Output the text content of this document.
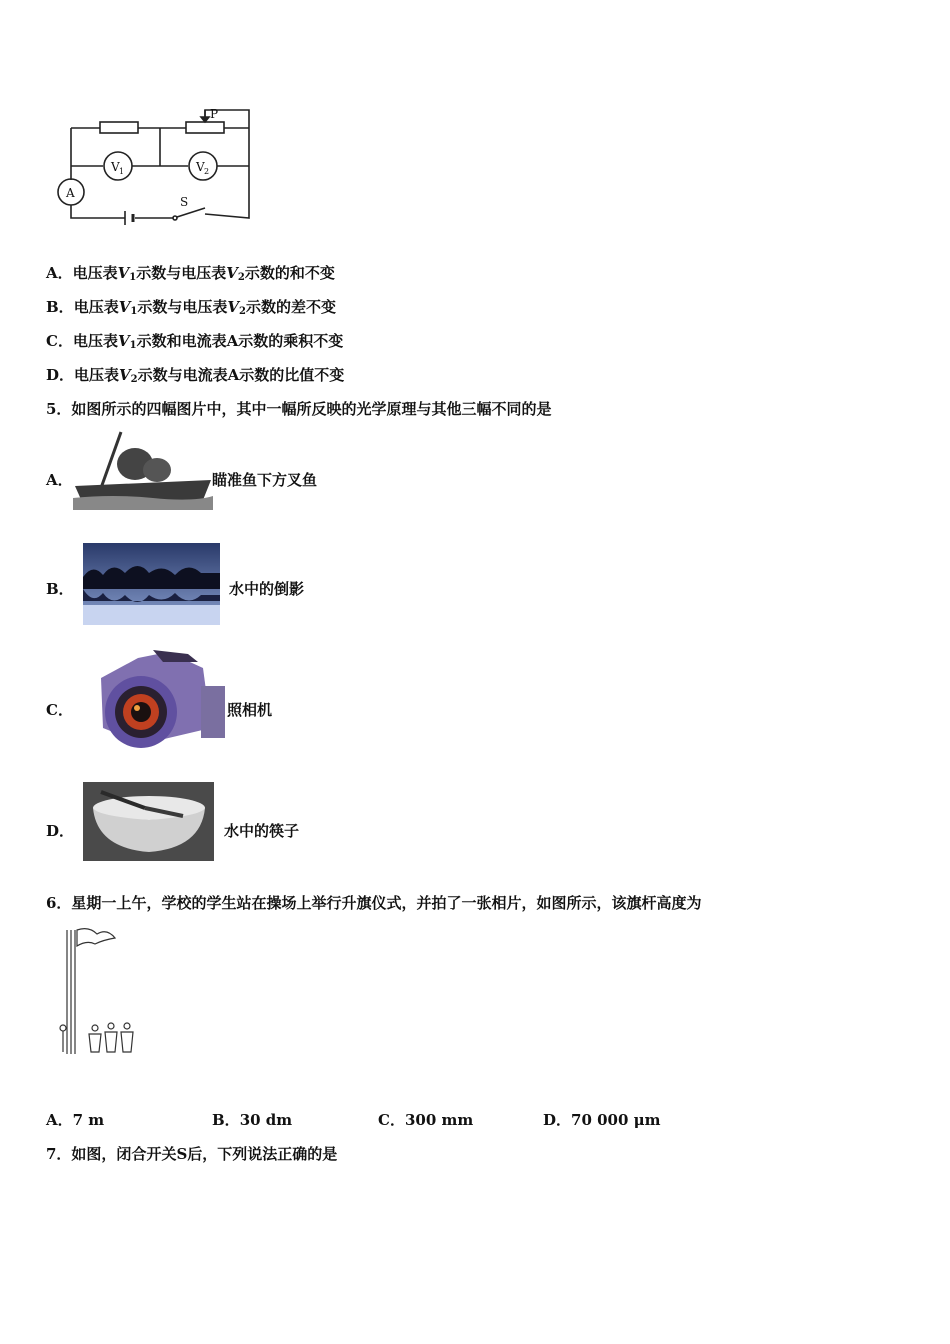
P
V 1	V 2
A
S
A．电压表$V_1$示数与电压表$V_2$示数的和不变
B．电压表$V_1$示数与电压表$V_2$示数的差不变
C．电压表$V_1$示数和电流表A示数的乘积不变
D．电压表$V_2$示数与电流表A示数的比值不变
5．如图所示的四幅图片中，其中一幅所反映的光学原理与其他三幅不同的是
A．	瞄准鱼下方叉鱼
B．	水中的倒影
C．	照相机
D．	水中的筷子
6．星期一上午，学校的学生站在操场上举行升旗仪式，并拍了一张相片，如图所示，该旗杆高度为
A．7 m	B．30 dm	C．300 mm	D．70 000 μm
7．如图，闭合开关S后，下列说法正确的是
